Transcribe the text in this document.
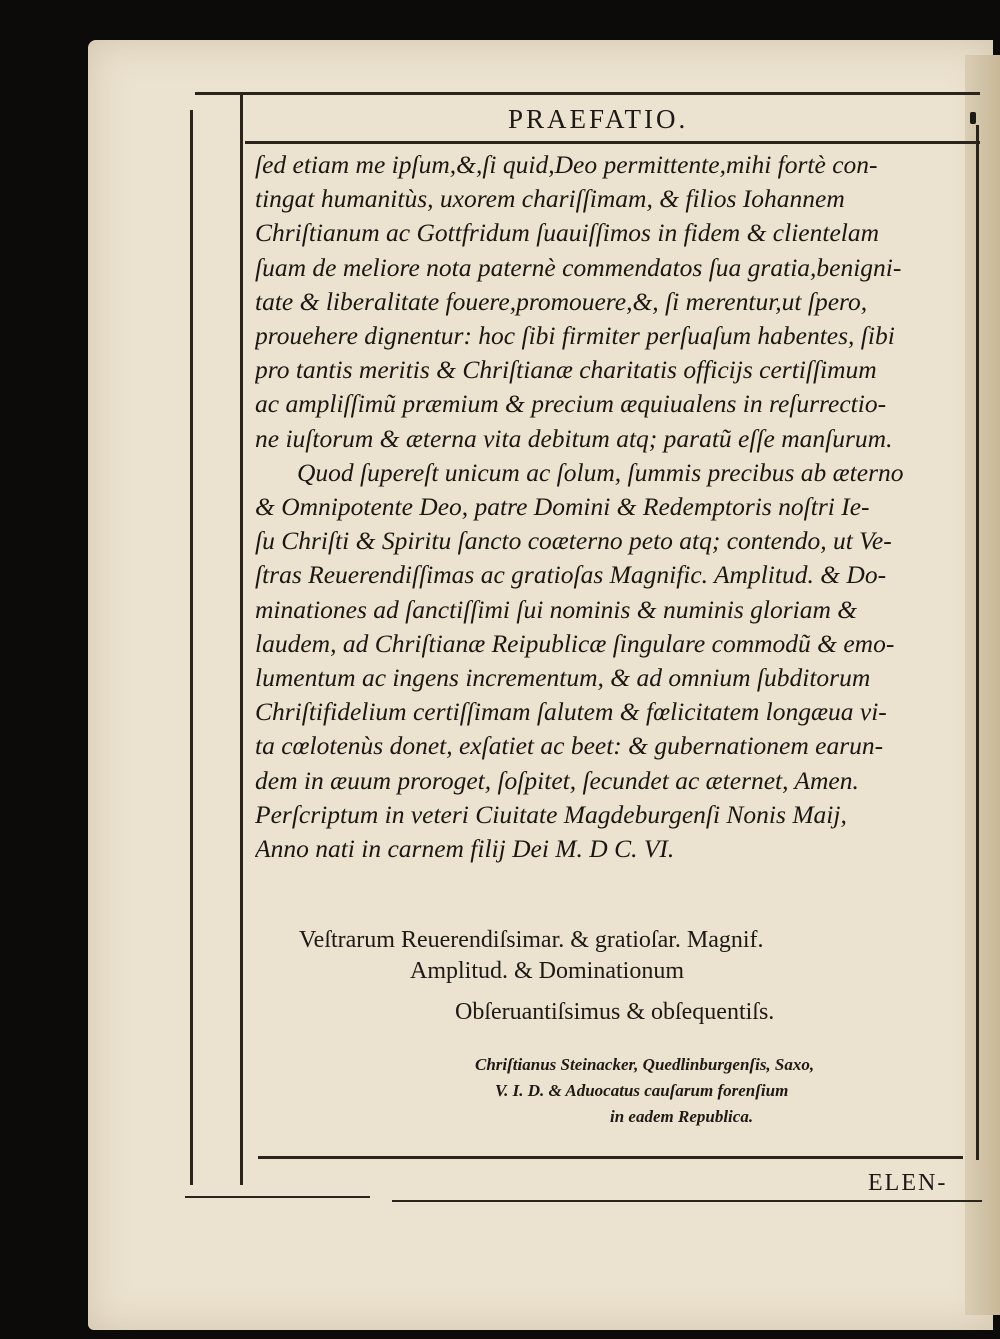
PRAEFATIO.
ſed etiam me ipſum,&,ſi quid,Deo permittente,mihi fortè con-
tingat humanitùs, uxorem chariſſimam, & filios Iohannem
Chriſtianum ac Gottfridum ſuauiſſimos in fidem & clientelam
ſuam de meliore nota paternè commendatos ſua gratia,benigni-
tate & liberalitate fouere,promouere,&, ſi merentur,ut ſpero,
prouehere dignentur: hoc ſibi firmiter perſuaſum habentes, ſibi
pro tantis meritis & Chriſtianæ charitatis officijs certiſſimum
ac ampliſſimũ præmium & precium æquiualens in reſurrectio-
ne iuſtorum & æterna vita debitum atq; paratũ eſſe manſurum.
Quod ſupereſt unicum ac ſolum, ſummis precibus ab æterno
& Omnipotente Deo, patre Domini & Redemptoris noſtri Ie-
ſu Chriſti & Spiritu ſancto coæterno peto atq; contendo, ut Ve-
ſtras Reuerendiſſimas ac gratioſas Magnific. Amplitud. & Do-
minationes ad ſanctiſſimi ſui nominis & numinis gloriam &
laudem, ad Chriſtianæ Reipublicæ ſingulare commodũ & emo-
lumentum ac ingens incrementum, & ad omnium ſubditorum
Chriſtifidelium certiſſimam ſalutem & fœlicitatem longæua vi-
ta cœlotenùs donet, exſatiet ac beet: & gubernationem earun-
dem in æuum proroget, ſoſpitet, ſecundet ac æternet, Amen.
Perſcriptum in veteri Ciuitate Magdeburgenſi Nonis Maij,
Anno nati in carnem filij Dei M. D C. VI.
Veſtrarum Reuerendiſsimar. & gratioſar. Magnif.
Amplitud. & Dominationum
Obſeruantiſsimus & obſequentiſs.
Chriſtianus Steinacker, Quedlinburgenſis, Saxo,
V. I. D. & Aduocatus cauſarum forenſium
in eadem Republica.
ELEN-
